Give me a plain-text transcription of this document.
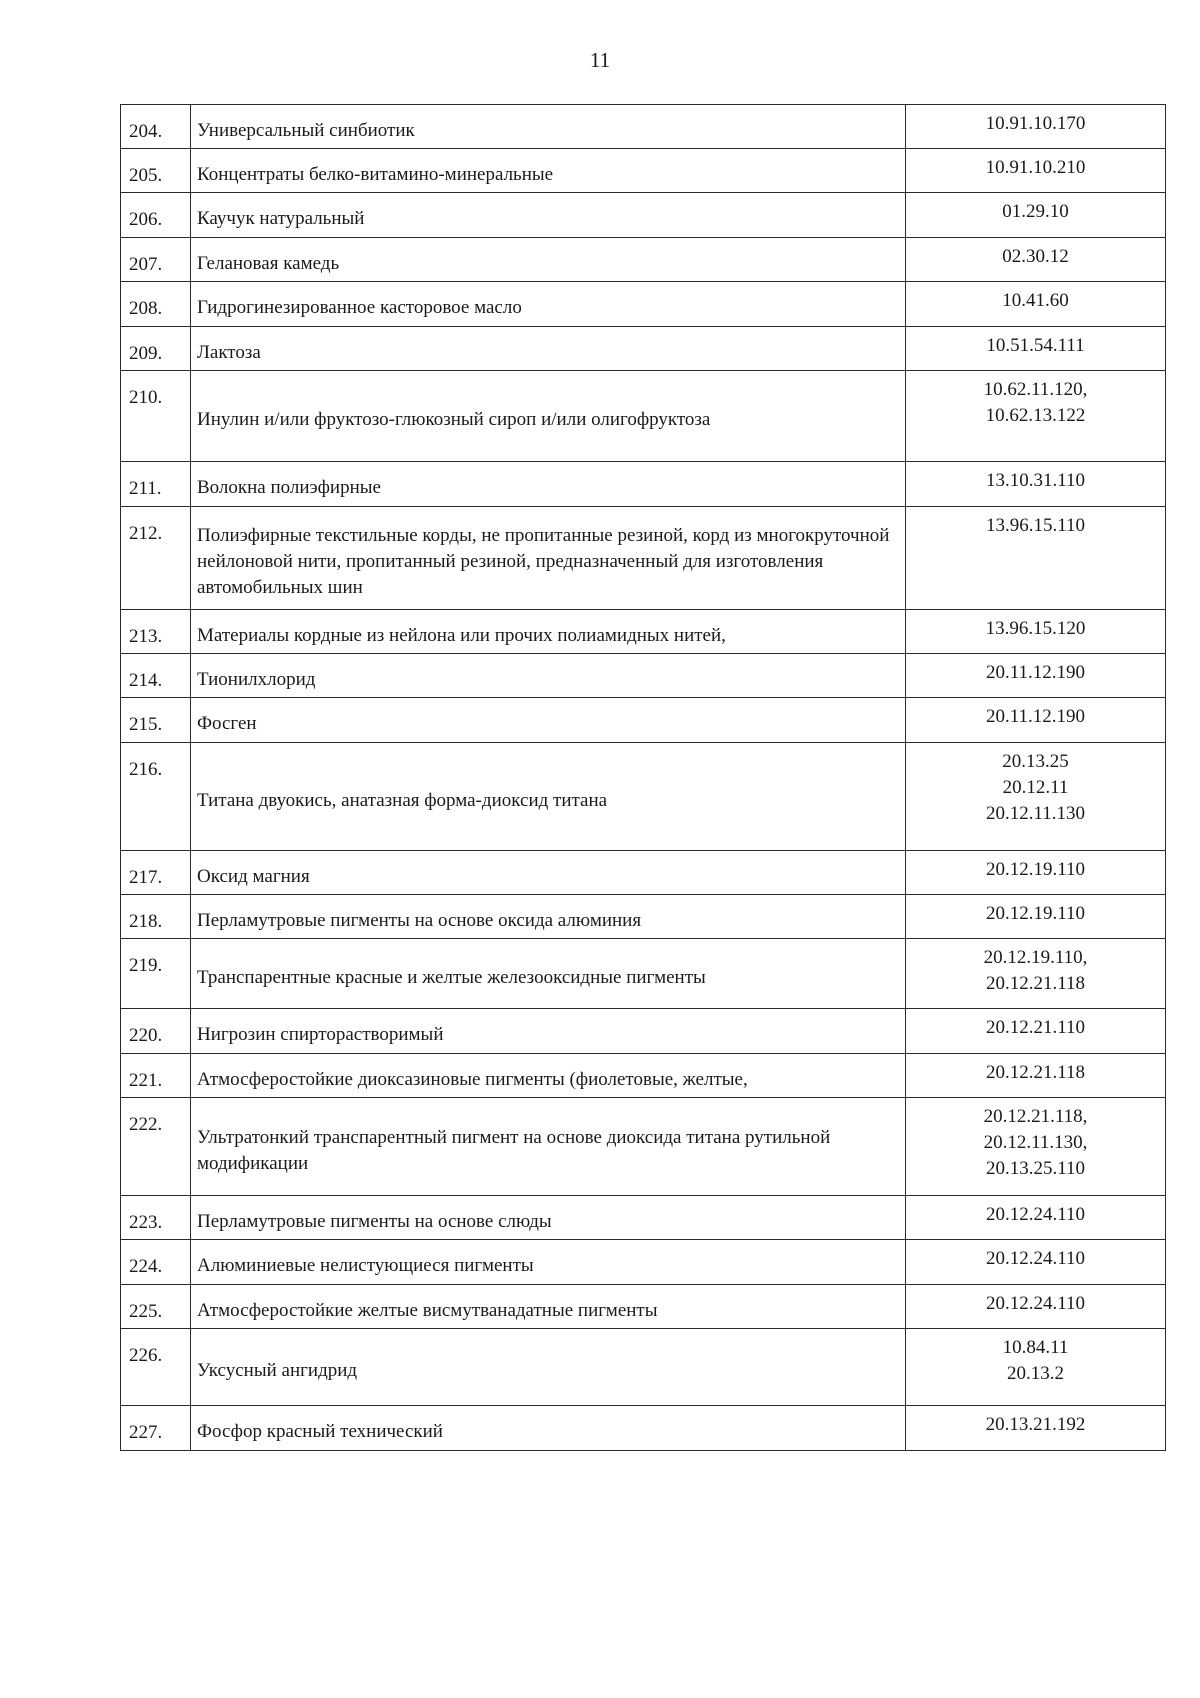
11
204.	Универсальный синбиотик	10.91.10.170

205.	Концентраты белко-витамино-минеральные	10.91.10.210

206.	Каучук натуральный	01.29.10

207.	Гелановая камедь	02.30.12

208.	Гидрогинезированное касторовое масло	10.41.60

209.	Лактоза	10.51.54.111

210.	Инулин и/или фруктозо-глюкозный сироп и/или олигофруктоза	10.62.11.120,
10.62.13.122

211.	Волокна полиэфирные	13.10.31.110

212.	Полиэфирные текстильные корды, не пропитанные резиной, корд из многокруточной нейлоновой нити, пропитанный резиной, предназначенный для изготовления автомобильных шин	13.96.15.110

213.	Материалы кордные из нейлона или прочих полиамидных нитей,	13.96.15.120

214.	Тионилхлорид	20.11.12.190

215.	Фосген	20.11.12.190

216.	Титана двуокись, анатазная форма-диоксид титана	20.13.25
20.12.11
20.12.11.130

217.	Оксид магния	20.12.19.110

218.	Перламутровые пигменты на основе оксида алюминия	20.12.19.110

219.	Транспарентные красные и желтые железооксидные пигменты	20.12.19.110,
20.12.21.118

220.	Нигрозин спирторастворимый	20.12.21.110

221.	Атмосферостойкие диоксазиновые пигменты (фиолетовые, желтые,	20.12.21.118

222.	Ультратонкий транспарентный пигмент на основе диоксида титана рутильной модификации	20.12.21.118,
20.12.11.130,
20.13.25.110

223.	Перламутровые пигменты на основе слюды	20.12.24.110

224.	Алюминиевые нелистующиеся пигменты	20.12.24.110

225.	Атмосферостойкие желтые висмутванадатные пигменты	20.12.24.110

226.	Уксусный ангидрид	10.84.11
20.13.2

227.	Фосфор красный технический	20.13.21.192
